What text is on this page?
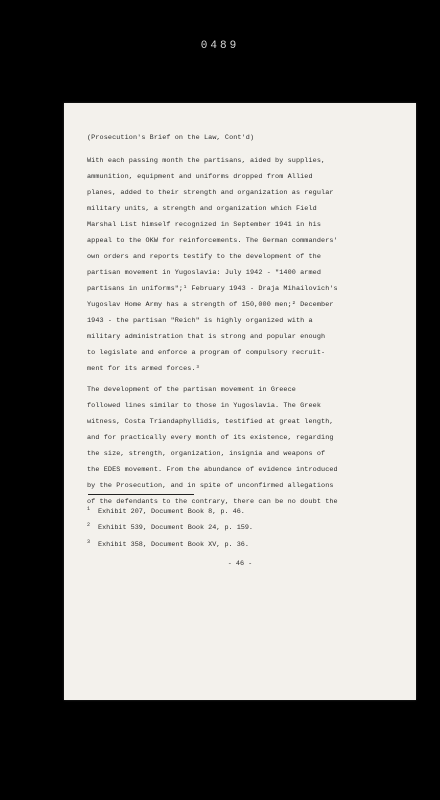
0489
(Prosecution's Brief on the Law, Cont'd)
With each passing month the partisans, aided by supplies,
ammunition, equipment and uniforms dropped from Allied
planes, added to their strength and organization as regular
military units, a strength and organization which Field
Marshal List himself recognized in September 1941 in his
appeal to the OKW for reinforcements. The German commanders'
own orders and reports testify to the development of the
partisan movement in Yugoslavia: July 1942 - "1400 armed
partisans in uniforms";¹ February 1943 - Draja Mihailovich's
Yugoslav Home Army has a strength of 150,000 men;² December
1943 - the partisan "Reich" is highly organized with a
military administration that is strong and popular enough
to legislate and enforce a program of compulsory recruit-
ment for its armed forces.³
The development of the partisan movement in Greece
followed lines similar to those in Yugoslavia. The Greek
witness, Costa Triandaphyllidis, testified at great length,
and for practically every month of its existence, regarding
the size, strength, organization, insignia and weapons of
the EDES movement. From the abundance of evidence introduced
by the Prosecution, and in spite of unconfirmed allegations
of the defendants to the contrary, there can be no doubt the
$^1$ Exhibit 207, Document Book 8, p. 46.
$^2$ Exhibit 539, Document Book 24, p. 159.
$^3$ Exhibit 358, Document Book XV, p. 36.
- 46 -
